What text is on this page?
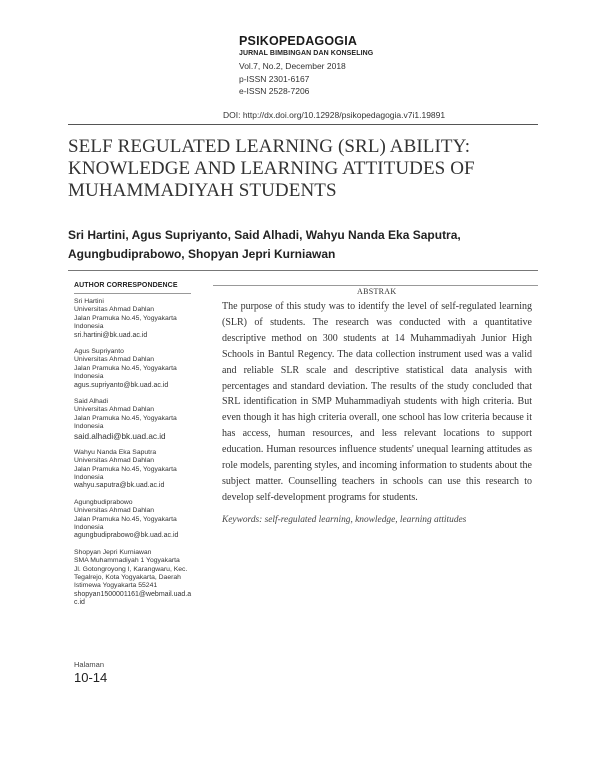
PSIKOPEDAGOGIA
JURNAL BIMBINGAN DAN KONSELING
Vol.7, No.2, December 2018
p-ISSN 2301-6167
e-ISSN 2528-7206
DOI: http://dx.doi.org/10.12928/psikopedagogia.v7i1.19891
SELF REGULATED LEARNING (SRL) ABILITY:
KNOWLEDGE AND LEARNING ATTITUDES OF
MUHAMMADIYAH STUDENTS
Sri Hartini, Agus Supriyanto, Said Alhadi, Wahyu Nanda Eka Saputra,
Agungbudiprabowo, Shopyan Jepri Kurniawan
AUTHOR CORRESPONDENCE
Sri Hartini
Universitas Ahmad Dahlan
Jalan Pramuka No.45, Yogyakarta
Indonesia
sri.hartini@bk.uad.ac.id
Agus Supriyanto
Universitas Ahmad Dahlan
Jalan Pramuka No.45, Yogyakarta
Indonesia
agus.supriyanto@bk.uad.ac.id
Said Alhadi
Universitas Ahmad Dahlan
Jalan Pramuka No.45, Yogyakarta
Indonesia
said.alhadi@bk.uad.ac.id
Wahyu Nanda Eka Saputra
Universitas Ahmad Dahlan
Jalan Pramuka No.45, Yogyakarta
Indonesia
wahyu.saputra@bk.uad.ac.id
Agungbudiprabowo
Universitas Ahmad Dahlan
Jalan Pramuka No.45, Yogyakarta
Indonesia
agungbudiprabowo@bk.uad.ac.id
Shopyan Jepri Kurniawan
SMA Muhammadiyah 1 Yogyakarta
Jl. Gotongroyong I, Karangwaru, Kec.
Tegalrejo, Kota Yogyakarta, Daerah
Istimewa Yogyakarta 55241
shopyan1500001161@webmail.uad.a
c.id
Halaman
10-14
ABSTRAK
The purpose of this study was to identify the level of self-regulated learning (SLR) of students. The research was conducted with a quantitative descriptive method on 300 students at 14 Muhammadiyah Junior High Schools in Bantul Regency. The data collection instrument used was a valid and reliable SLR scale and descriptive statistical data analysis with percentages and standard deviation. The results of the study concluded that SRL identification in SMP Muhammadiyah students with high criteria. But even though it has high criteria overall, one school has low criteria because it has access, human resources, and less relevant locations to support education. Human resources influence students' unequal learning attitudes as role models, parenting styles, and incoming information to students about the subject matter. Counselling teachers in schools can use this research to develop self-development programs for students.
Keywords: self-regulated learning, knowledge, learning attitudes
